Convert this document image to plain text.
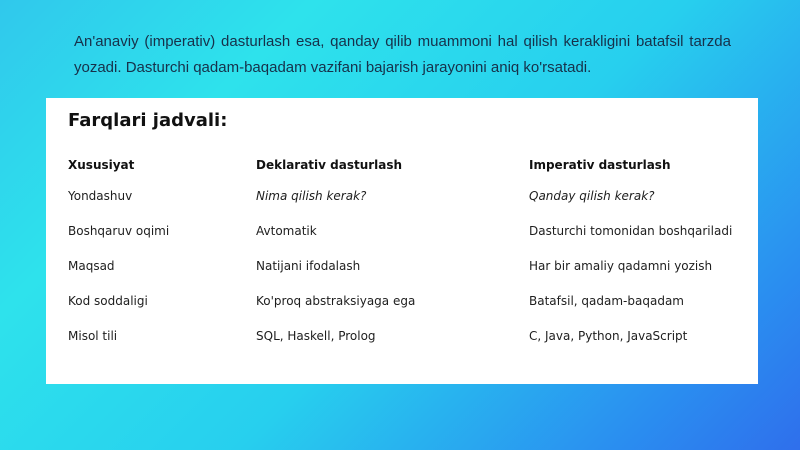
An'anaviy (imperativ) dasturlash esa, qanday qilib muammoni hal qilish kerakligini batafsil tarzda yozadi. Dasturchi qadam-baqadam vazifani bajarish jarayonini aniq ko'rsatadi.
Farqlari jadvali:
Xususiyat	Deklarativ dasturlash	Imperativ dasturlash
Yondashuv	Nima qilish kerak?	Qanday qilish kerak?
Boshqaruv oqimi	Avtomatik	Dasturchi tomonidan boshqariladi
Maqsad	Natijani ifodalash	Har bir amaliy qadamni yozish
Kod soddaligi	Ko'proq abstraksiyaga ega	Batafsil, qadam-baqadam
Misol tili	SQL, Haskell, Prolog	C, Java, Python, JavaScript
